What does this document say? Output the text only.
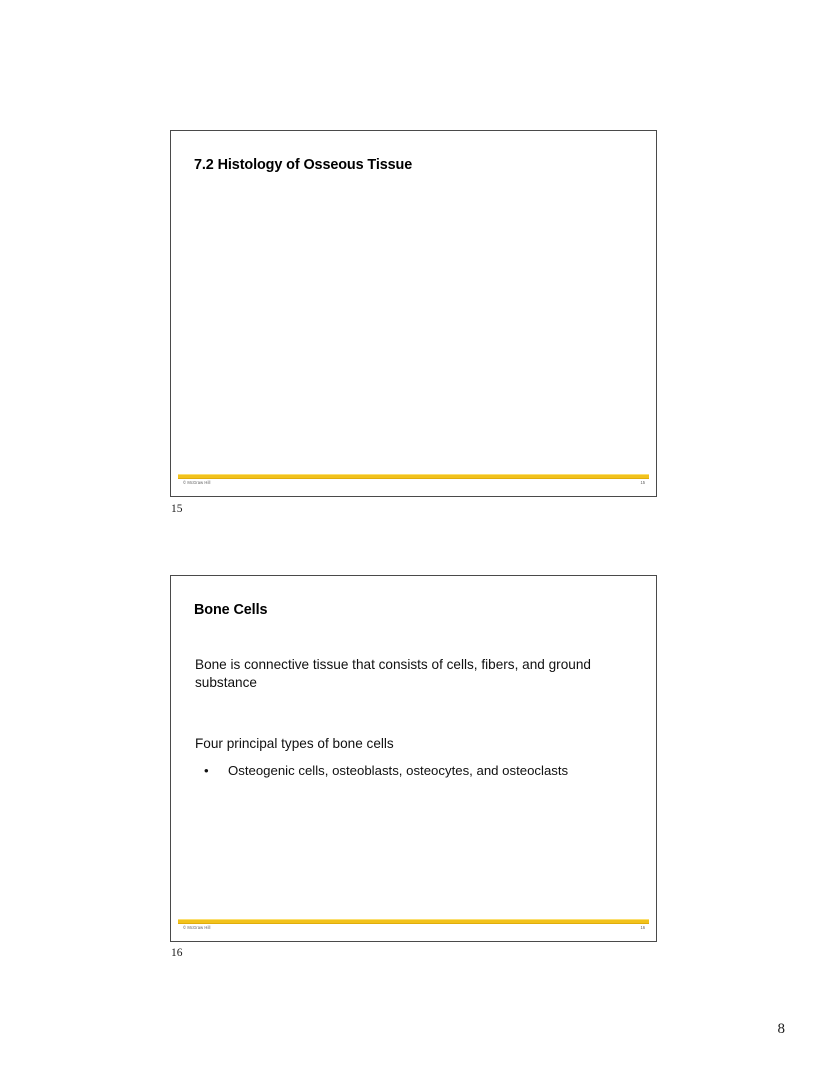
7.2 Histology of Osseous Tissue
© McGraw Hill	15
15
Bone Cells
Bone is connective tissue that consists of cells, fibers, and ground substance
Four principal types of bone cells
• Osteogenic cells, osteoblasts, osteocytes, and osteoclasts
© McGraw Hill	16
16
8
